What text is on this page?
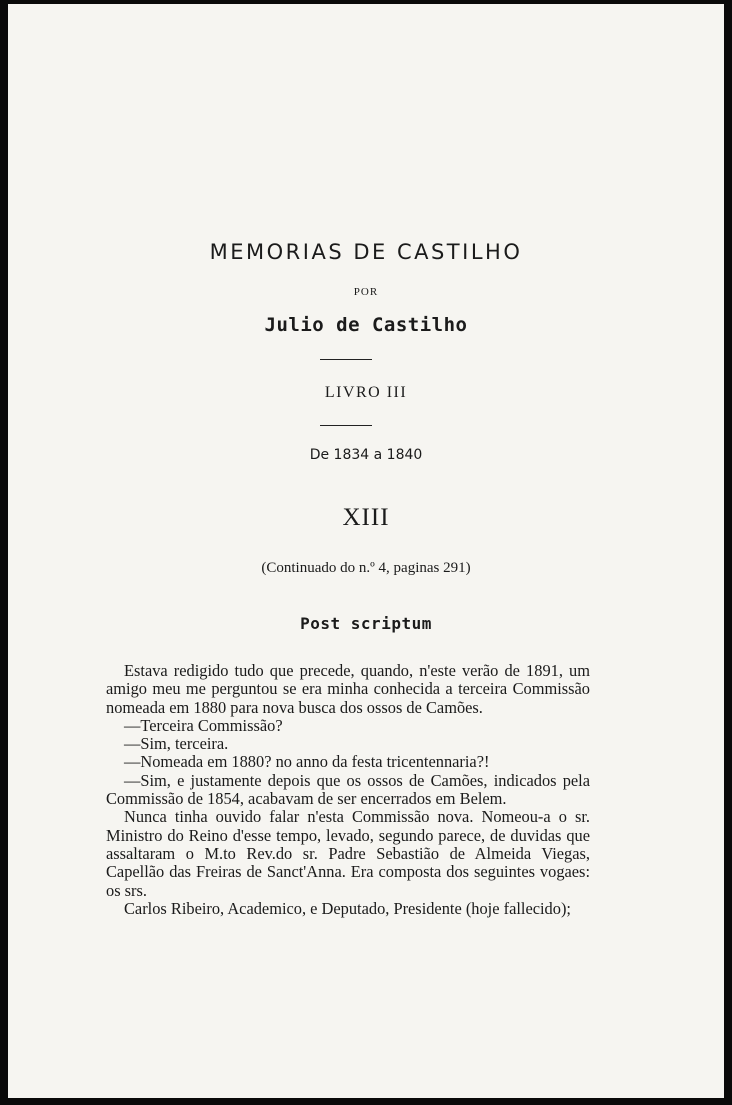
MEMORIAS DE CASTILHO
POR
Julio de Castilho
LIVRO III
De 1834 a 1840
XIII
(Continuado do n.º 4, paginas 291)
Post scriptum

Estava redigido tudo que precede, quando, n'este verão de 1891, um amigo meu me perguntou se era minha conhecida a terceira Commissão nomeada em 1880 para nova busca dos ossos de Camões.

—Terceira Commissão?

—Sim, terceira.

—Nomeada em 1880? no anno da festa tricentennaria?!

—Sim, e justamente depois que os ossos de Camões, indicados pela Commissão de 1854, acabavam de ser encerrados em Belem.

Nunca tinha ouvido falar n'esta Commissão nova. Nomeou-a o sr. Ministro do Reino d'esse tempo, levado, segundo parece, de duvidas que assaltaram o M.to Rev.do sr. Padre Sebastião de Almeida Viegas, Capellão das Freiras de Sanct'Anna. Era composta dos seguintes vogaes: os srs.

Carlos Ribeiro, Academico, e Deputado, Presidente (hoje fallecido);
